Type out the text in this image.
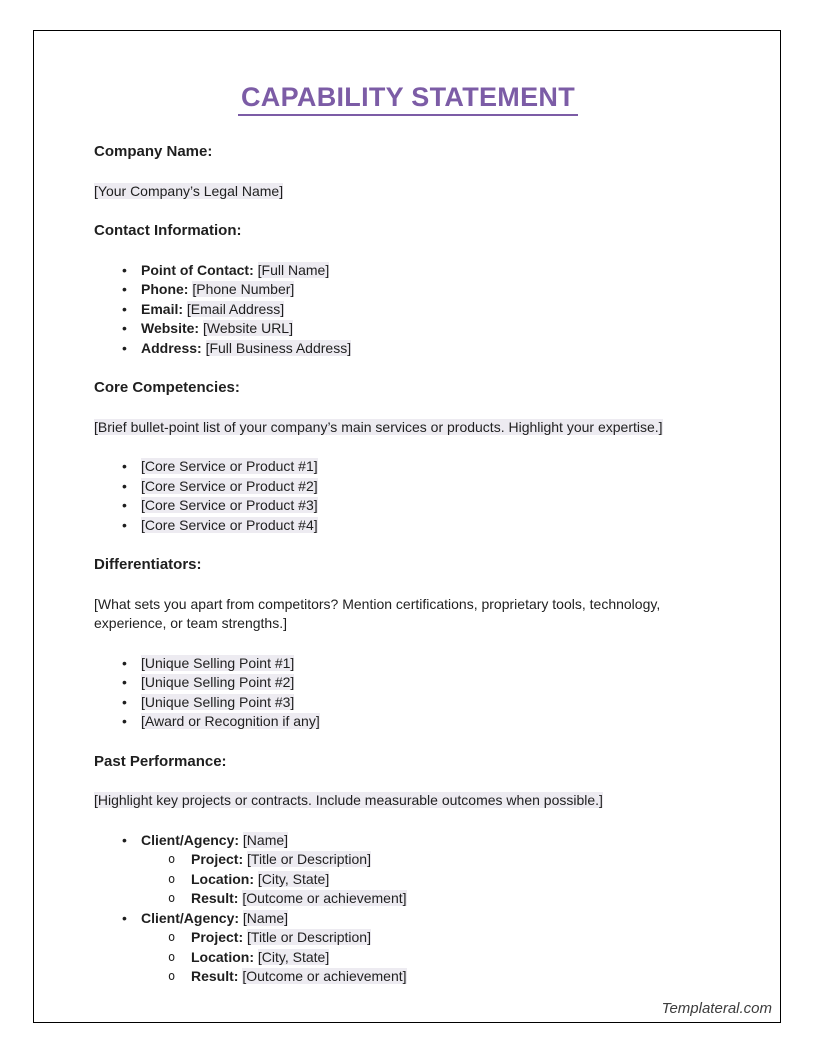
CAPABILITY STATEMENT
Company Name:

[Your Company’s Legal Name]

Contact Information:
•	Point of Contact: [Full Name]
•	Phone: [Phone Number]
•	Email: [Email Address]
•	Website: [Website URL]
•	Address: [Full Business Address]
Core Competencies:

[Brief bullet-point list of your company’s main services or products. Highlight your expertise.]

•	[Core Service or Product #1]
•	[Core Service or Product #2]
•	[Core Service or Product #3]
•	[Core Service or Product #4]
Differentiators:

[What sets you apart from competitors? Mention certifications, proprietary tools, technology, experience, or team strengths.]

•	[Unique Selling Point #1]
•	[Unique Selling Point #2]
•	[Unique Selling Point #3]
•	[Award or Recognition if any]
Past Performance:

[Highlight key projects or contracts. Include measurable outcomes when possible.]

•	Client/Agency: [Name]
o	Project: [Title or Description]
o	Location: [City, State]
o	Result: [Outcome or achievement]
•	Client/Agency: [Name]
o	Project: [Title or Description]
o	Location: [City, State]
o	Result: [Outcome or achievement]
Templateral.com
